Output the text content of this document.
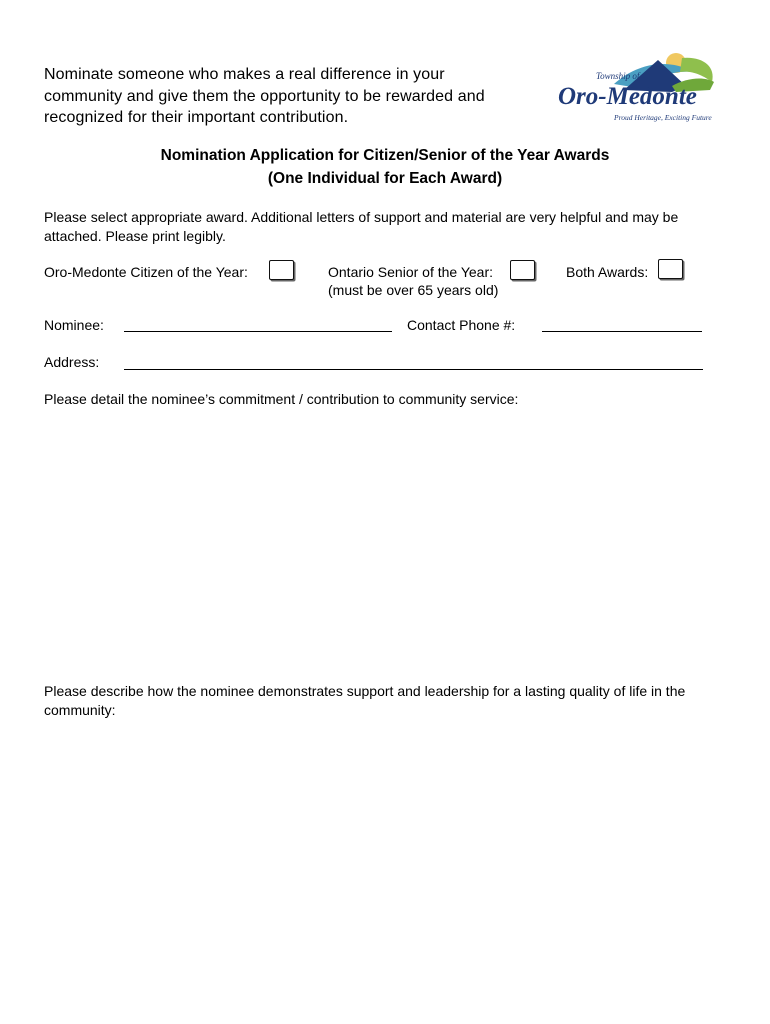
Nominate someone who makes a real difference in your
community and give them the opportunity to be rewarded and
recognized for their important contribution.
Township of
Oro-Medonte
Proud Heritage, Exciting Future
Nomination Application for Citizen/Senior of the Year Awards
(One Individual for Each Award)
Please select appropriate award. Additional letters of support and material are very helpful and may be attached. Please print legibly.
Oro-Medonte Citizen of the Year:	Ontario Senior of the Year:
(must be over 65 years old)
Both Awards:
Nominee:	Contact Phone #:
Address:
Please detail the nominee’s commitment / contribution to community service:
Please describe how the nominee demonstrates support and leadership for a lasting quality of life in the community:
